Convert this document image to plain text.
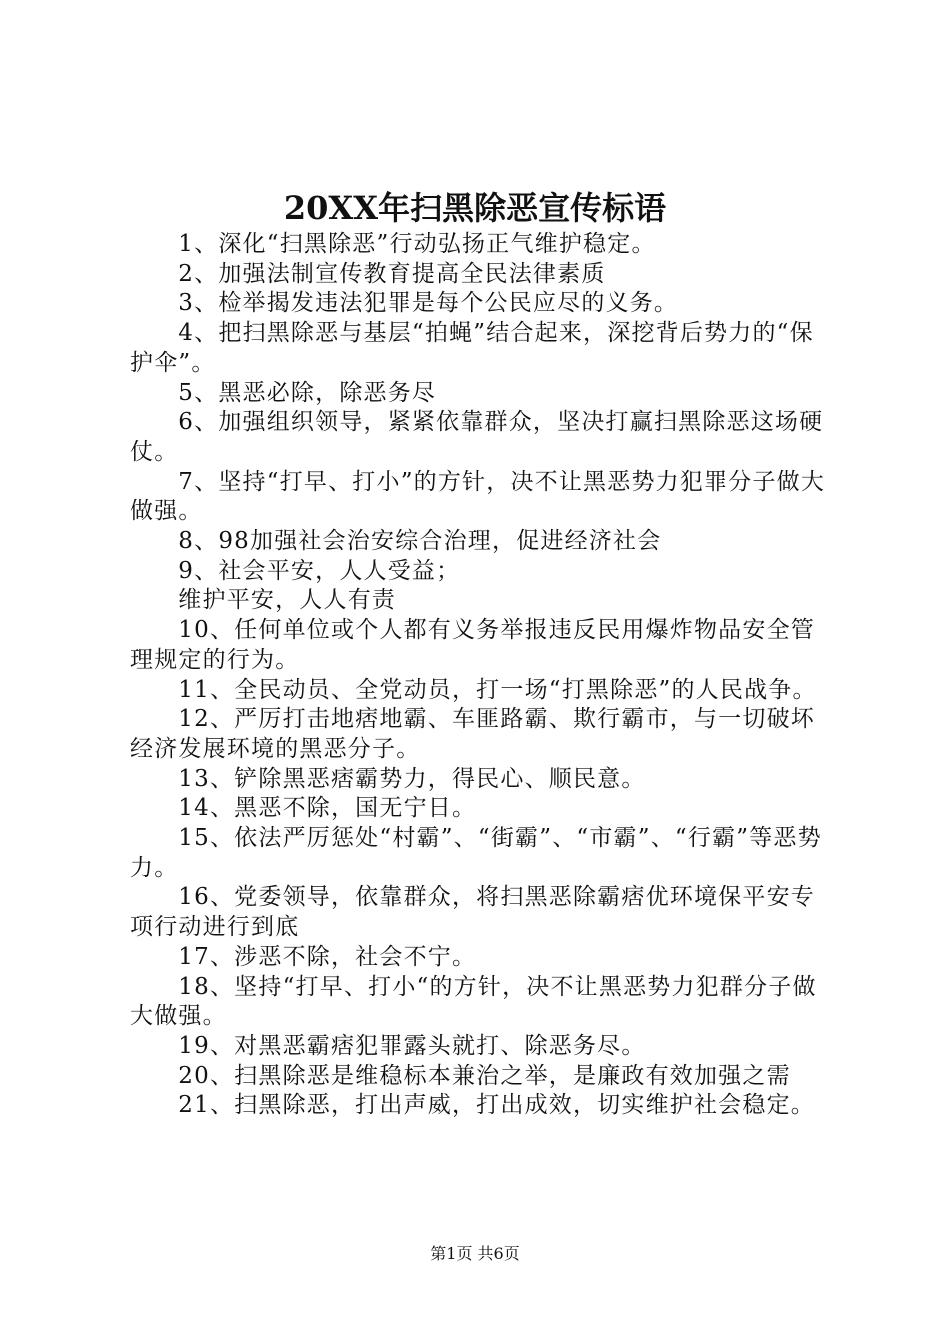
20XX年扫黑除恶宣传标语

1、深化“扫黑除恶”行动弘扬正气维护稳定。

2、加强法制宣传教育提高全民法律素质

3、检举揭发违法犯罪是每个公民应尽的义务。

4、把扫黑除恶与基层“拍蝇”结合起来，深挖背后势力的“保护伞”。

5、黑恶必除，除恶务尽

6、加强组织领导，紧紧依靠群众，坚决打赢扫黑除恶这场硬仗。

7、坚持“打早、打小”的方针，决不让黑恶势力犯罪分子做大做强。

8、98加强社会治安综合治理，促进经济社会

9、社会平安，人人受益；

维护平安，人人有责

10、任何单位或个人都有义务举报违反民用爆炸物品安全管理规定的行为。

11、全民动员、全党动员，打一场“打黑除恶”的人民战争。

12、严厉打击地痞地霸、车匪路霸、欺行霸市，与一切破坏经济发展环境的黑恶分子。

13、铲除黑恶痞霸势力，得民心、顺民意。

14、黑恶不除，国无宁日。

15、依法严厉惩处“村霸”、“街霸”、“市霸”、“行霸”等恶势力。

16、党委领导，依靠群众，将扫黑恶除霸痞优环境保平安专项行动进行到底

17、涉恶不除，社会不宁。

18、坚持“打早、打小“的方针，决不让黑恶势力犯群分子做大做强。

19、对黑恶霸痞犯罪露头就打、除恶务尽。

20、扫黑除恶是维稳标本兼治之举，是廉政有效加强之需

21、扫黑除恶，打出声威，打出成效，切实维护社会稳定。

第1页 共6页
